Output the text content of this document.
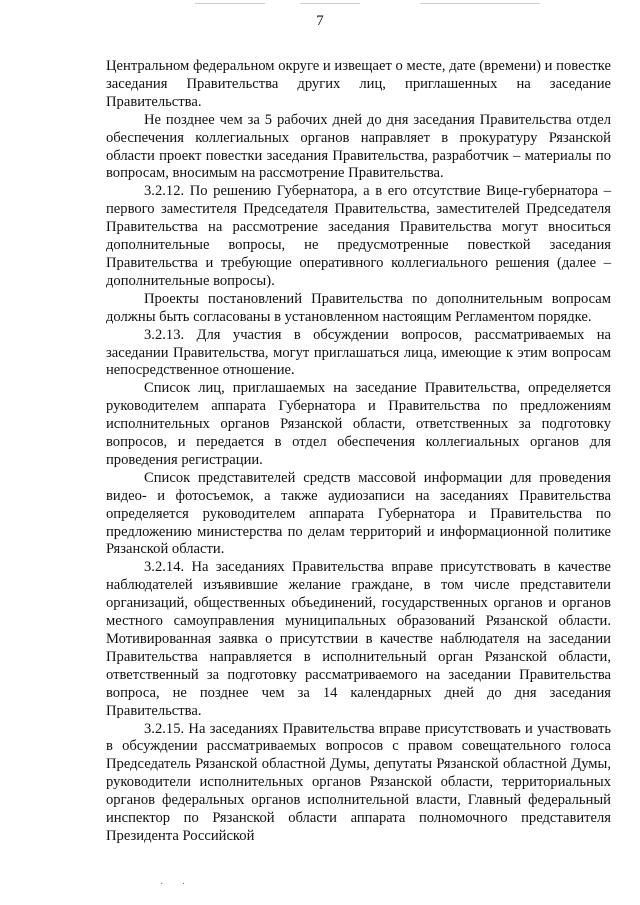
7

Центральном федеральном округе и извещает о месте, дате (времени) и повестке заседания Правительства других лиц, приглашенных на заседание Правительства.

Не позднее чем за 5 рабочих дней до дня заседания Правительства отдел обеспечения коллегиальных органов направляет в прокуратуру Рязанской области проект повестки заседания Правительства, разработчик – материалы по вопросам, вносимым на рассмотрение Правительства.

3.2.12. По решению Губернатора, а в его отсутствие Вице-губернатора – первого заместителя Председателя Правительства, заместителей Председателя Правительства на рассмотрение заседания Правительства могут вноситься дополнительные вопросы, не предусмотренные повесткой заседания Правительства и требующие оперативного коллегиального решения (далее – дополнительные вопросы).

Проекты постановлений Правительства по дополнительным вопросам должны быть согласованы в установленном настоящим Регламентом порядке.

3.2.13. Для участия в обсуждении вопросов, рассматриваемых на заседании Правительства, могут приглашаться лица, имеющие к этим вопросам непосредственное отношение.

Список лиц, приглашаемых на заседание Правительства, определяется руководителем аппарата Губернатора и Правительства по предложениям исполнительных органов Рязанской области, ответственных за подготовку вопросов, и передается в отдел обеспечения коллегиальных органов для проведения регистрации.

Список представителей средств массовой информации для проведения видео- и фотосъемок, а также аудиозаписи на заседаниях Правительства определяется руководителем аппарата Губернатора и Правительства по предложению министерства по делам территорий и информационной политике Рязанской области.

3.2.14. На заседаниях Правительства вправе присутствовать в качестве наблюдателей изъявившие желание граждане, в том числе представители организаций, общественных объединений, государственных органов и органов местного самоуправления муниципальных образований Рязанской области. Мотивированная заявка о присутствии в качестве наблюдателя на заседании Правительства направляется в исполнительный орган Рязанской области, ответственный за подготовку рассматриваемого на заседании Правительства вопроса, не позднее чем за 14 календарных дней до дня заседания Правительства.

3.2.15. На заседаниях Правительства вправе присутствовать и участвовать в обсуждении рассматриваемых вопросов с правом совещательного голоса Председатель Рязанской областной Думы, депутаты Рязанской областной Думы, руководители исполнительных органов Рязанской области, территориальных органов федеральных органов исполнительной власти, Главный федеральный инспектор по Рязанской области аппарата полномочного представителя Президента Российской

· ·
